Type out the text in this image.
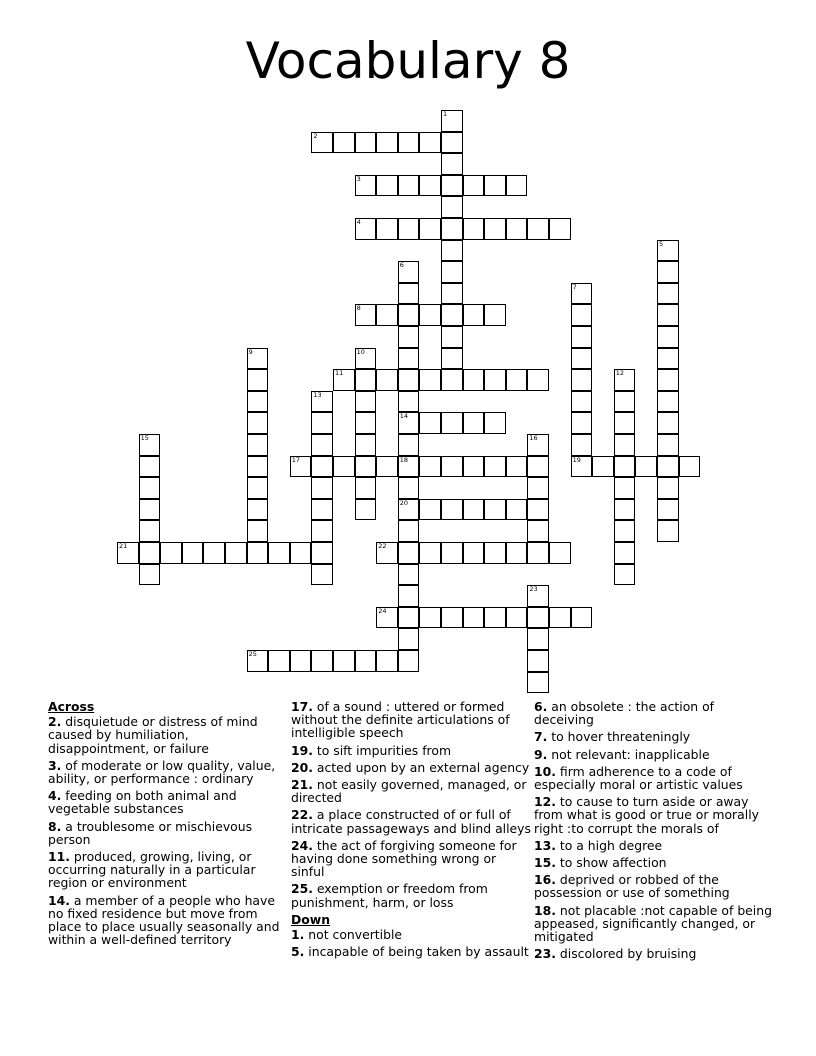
Vocabulary 8
1
2
3
4
5
6
14
18
20
7
19
8
9	10
11	12
13
15	16
17
21	22
23
24
25
Across
2. disquietude or distress of mind caused by humiliation, disappointment, or failure
3. of moderate or low quality, value, ability, or performance : ordinary
4. feeding on both animal and vegetable substances
8. a troublesome or mischievous person
11. produced, growing, living, or occurring naturally in a particular region or environment
14. a member of a people who have no fixed residence but move from place to place usually seasonally and within a well-defined territory
17. of a sound : uttered or formed without the definite articulations of intelligible speech
19. to sift impurities from
20. acted upon by an external agency
21. not easily governed, managed, or directed
22. a place constructed of or full of intricate passageways and blind alleys
24. the act of forgiving someone for having done something wrong or sinful
25. exemption or freedom from punishment, harm, or loss
Down
1. not convertible
5. incapable of being taken by assault
6. an obsolete : the action of deceiving
7. to hover threateningly
9. not relevant: inapplicable
10. firm adherence to a code of especially moral or artistic values
12. to cause to turn aside or away from what is good or true or morally right :to corrupt the morals of
13. to a high degree
15. to show affection
16. deprived or robbed of the possession or use of something
18. not placable :not capable of being appeased, significantly changed, or mitigated
23. discolored by bruising
